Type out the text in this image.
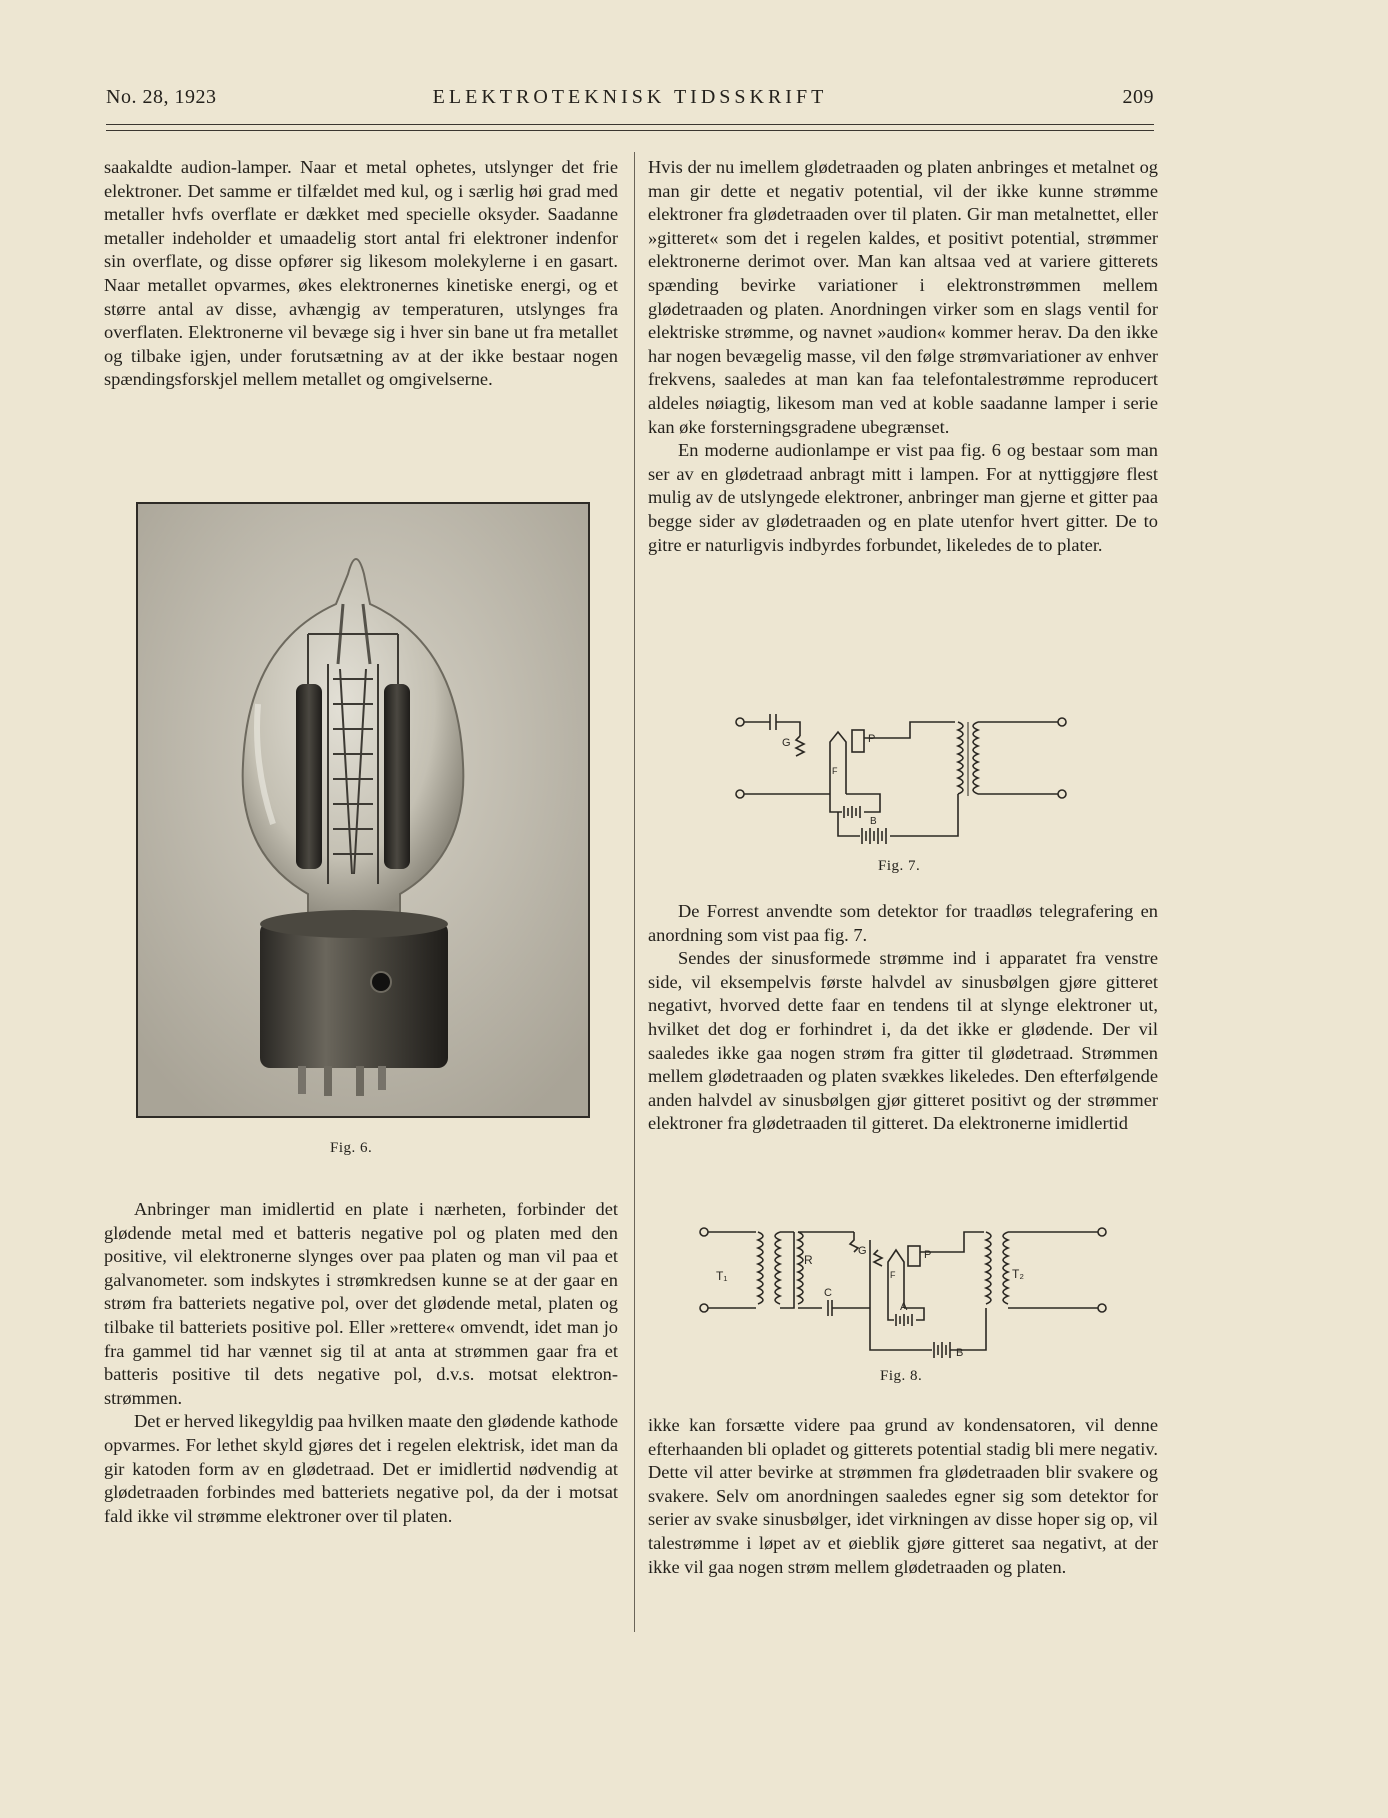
No. 28, 1923	ELEKTROTEKNISK TIDSSKRIFT	209

saakaldte audion-lamper. Naar et metal ophetes, utslynger det frie elektroner. Det samme er tilfældet med kul, og i særlig høi grad med metaller hvfs overflate er dækket med specielle oksyder. Saadanne metaller indeholder et umaadelig stort antal fri elektroner indenfor sin overflate, og disse opfører sig likesom molekylerne i en gasart. Naar metallet opvarmes, økes elektronernes kinetiske energi, og et større antal av disse, avhængig av temperaturen, utslynges fra overflaten. Elektronerne vil bevæge sig i hver sin bane ut fra metallet og tilbake igjen, under forutsætning av at der ikke bestaar nogen spændingsforskjel mellem metallet og omgivelserne.

Fig. 6.

Anbringer man imidlertid en plate i nærheten, forbinder det glødende metal med et batteris negative pol og platen med den positive, vil elektronerne slynges over paa platen og man vil paa et galvanometer. som indskytes i strømkredsen kunne se at der gaar en strøm fra batteriets negative pol, over det glødende metal, platen og tilbake til batteriets positive pol. Eller »rettere« omvendt, idet man jo fra gammel tid har vænnet sig til at anta at strømmen gaar fra et batteris positive til dets negative pol, d.v.s. motsat elektron-strømmen.

Det er herved likegyldig paa hvilken maate den glødende kathode opvarmes. For lethet skyld gjøres det i regelen elektrisk, idet man da gir katoden form av en glødetraad. Det er imidlertid nødvendig at glødetraaden forbindes med batteriets negative pol, da der i motsat fald ikke vil strømme elektroner over til platen.

Hvis der nu imellem glødetraaden og platen anbringes et metalnet og man gir dette et negativ potential, vil der ikke kunne strømme elektroner fra glødetraaden over til platen. Gir man metalnettet, eller »gitteret« som det i regelen kaldes, et positivt potential, strømmer elektronerne derimot over. Man kan altsaa ved at variere gitterets spænding bevirke variationer i elektronstrømmen mellem glødetraaden og platen. Anordningen virker som en slags ventil for elektriske strømme, og navnet »audion« kommer herav. Da den ikke har nogen bevægelig masse, vil den følge strømvariationer av enhver frekvens, saaledes at man kan faa telefontalestrømme reproducert aldeles nøiagtig, likesom man ved at koble saadanne lamper i serie kan øke forsterningsgradene ubegrænset.

En moderne audionlampe er vist paa fig. 6 og bestaar som man ser av en glødetraad anbragt mitt i lampen. For at nyttiggjøre flest mulig av de utslyngede elektroner, anbringer man gjerne et gitter paa begge sider av glødetraaden og en plate utenfor hvert gitter. De to gitre er naturligvis indbyrdes forbundet, likeledes de to plater.

G
F
P
B
Fig. 7.

De Forrest anvendte som detektor for traadløs telegrafering en anordning som vist paa fig. 7.

Sendes der sinusformede strømme ind i apparatet fra venstre side, vil eksempelvis første halvdel av sinusbølgen gjøre gitteret negativt, hvorved dette faar en tendens til at slynge elektroner ut, hvilket det dog er forhindret i, da det ikke er glødende. Der vil saaledes ikke gaa nogen strøm fra gitter til glødetraad. Strømmen mellem glødetraaden og platen svækkes likeledes. Den efterfølgende anden halvdel av sinusbølgen gjør gitteret positivt og der strømmer elektroner fra glødetraaden til gitteret. Da elektronerne imidlertid

T₁	T₂
R
C
G
F
P
A
B
Fig. 8.

ikke kan forsætte videre paa grund av kondensatoren, vil denne efterhaanden bli opladet og gitterets potential stadig bli mere negativ. Dette vil atter bevirke at strømmen fra glødetraaden blir svakere og svakere. Selv om anordningen saaledes egner sig som detektor for serier av svake sinusbølger, idet virkningen av disse hoper sig op, vil talestrømme i løpet av et øieblik gjøre gitteret saa negativt, at der ikke vil gaa nogen strøm mellem glødetraaden og platen.
